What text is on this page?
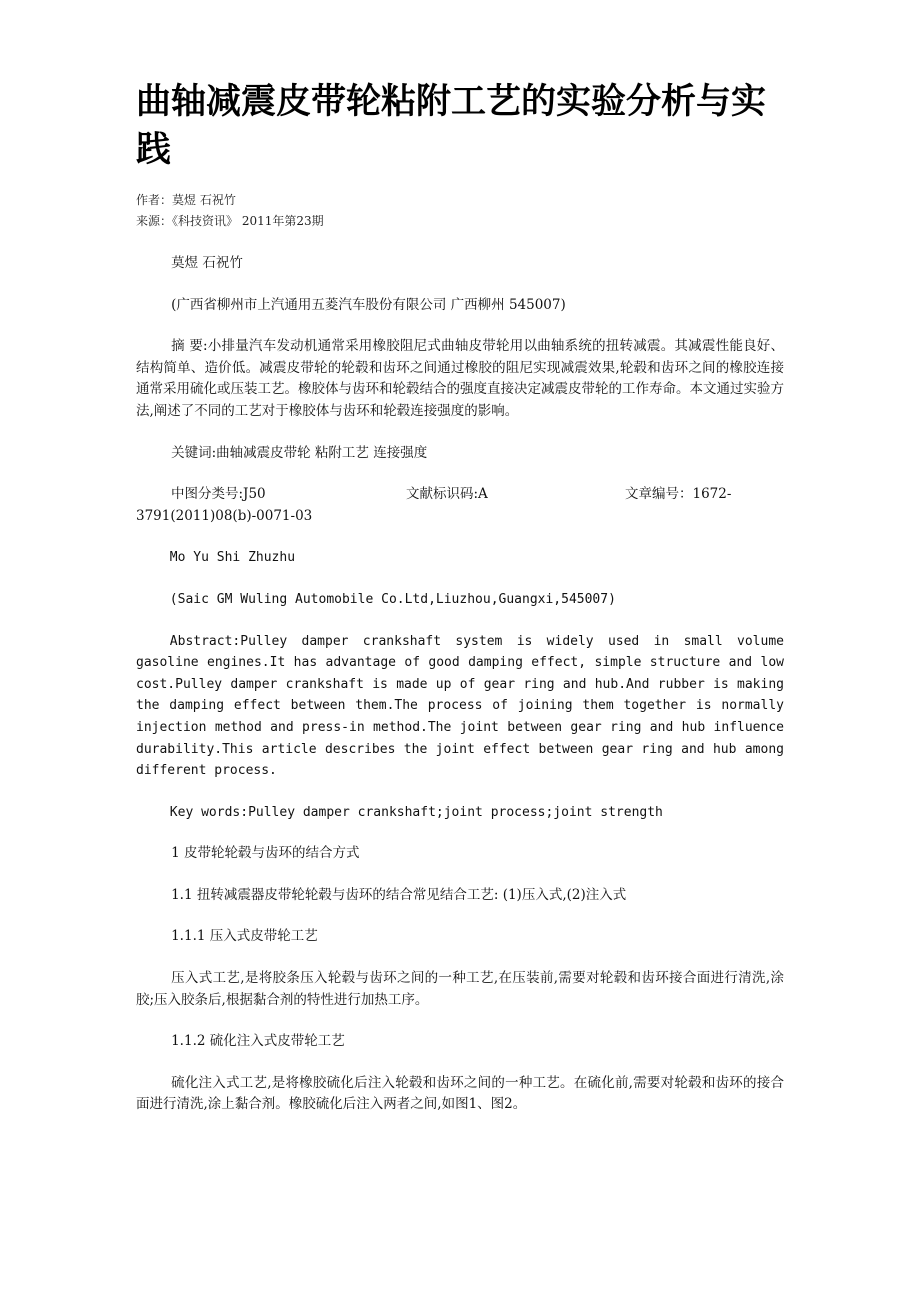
曲轴减震皮带轮粘附工艺的实验分析与实践
作者：莫煜 石祝竹
来源：《科技资讯》 2011年第23期

莫煜 石祝竹

(广西省柳州市上汽通用五菱汽车股份有限公司 广西柳州 545007)

摘 要:小排量汽车发动机通常采用橡胶阻尼式曲轴皮带轮用以曲轴系统的扭转减震。其减震性能良好、结构简单、造价低。减震皮带轮的轮毂和齿环之间通过橡胶的阻尼实现减震效果,轮毂和齿环之间的橡胶连接通常采用硫化或压装工艺。橡胶体与齿环和轮毂结合的强度直接决定减震皮带轮的工作寿命。本文通过实验方法,阐述了不同的工艺对于橡胶体与齿环和轮毂连接强度的影响。

关键词:曲轴减震皮带轮 粘附工艺 连接强度

中图分类号:J50	文献标识码:A	文章编号：1672-

3791(2011)08(b)-0071-03

Mo Yu Shi Zhuzhu

(Saic GM Wuling Automobile Co.Ltd,Liuzhou,Guangxi,545007)

Abstract:Pulley damper crankshaft system is widely used in small volume gasoline engines.It has advantage of good damping effect, simple structure and low cost.Pulley damper crankshaft is made up of gear ring and hub.And rubber is making the damping effect between them.The process of joining them together is normally injection method and press-in method.The joint between gear ring and hub influence durability.This article describes the joint effect between gear ring and hub among different process.

Key words:Pulley damper crankshaft;joint process;joint strength

1 皮带轮轮毂与齿环的结合方式

1.1 扭转减震器皮带轮轮毂与齿环的结合常见结合工艺: (1)压入式,(2)注入式

1.1.1 压入式皮带轮工艺

压入式工艺,是将胶条压入轮毂与齿环之间的一种工艺,在压装前,需要对轮毂和齿环接合面进行清洗,涂胶;压入胶条后,根据黏合剂的特性进行加热工序。

1.1.2 硫化注入式皮带轮工艺

硫化注入式工艺,是将橡胶硫化后注入轮毂和齿环之间的一种工艺。在硫化前,需要对轮毂和齿环的接合面进行清洗,涂上黏合剂。橡胶硫化后注入两者之间,如图1、图2。
